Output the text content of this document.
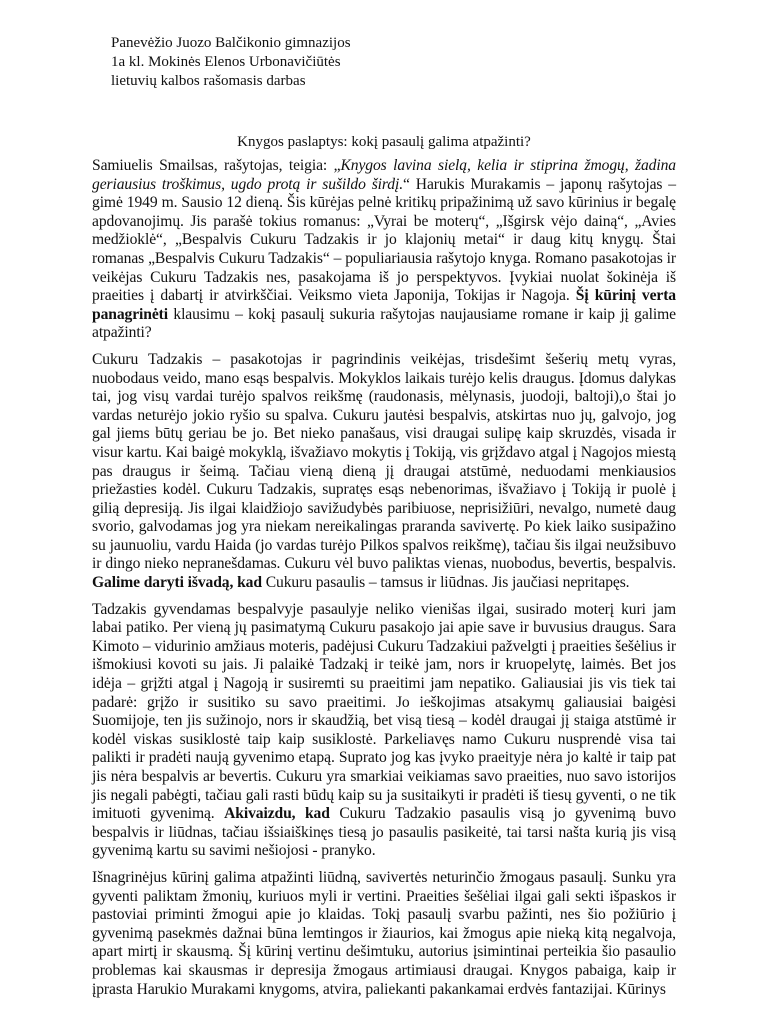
Panevėžio Juozo Balčikonio gimnazijos
1a kl. Mokinės Elenos Urbonavičiūtės
lietuvių kalbos rašomasis darbas
Knygos paslaptys: kokį pasaulį galima atpažinti?

Samiuelis Smailsas, rašytojas, teigia: „Knygos lavina sielą, kelia ir stiprina žmogų, žadina geriausius troškimus, ugdo protą ir sušildo širdį.“ Harukis Murakamis – japonų rašytojas – gimė 1949 m. Sausio 12 dieną. Šis kūrėjas pelnė kritikų pripažinimą už savo kūrinius ir begalę apdovanojimų. Jis parašė tokius romanus: „Vyrai be moterų“, „Išgirsk vėjo dainą“, „Avies medžioklė“, „Bespalvis Cukuru Tadzakis ir jo klajonių metai“ ir daug kitų knygų. Štai romanas „Bespalvis Cukuru Tadzakis“ – populiariausia rašytojo knyga. Romano pasakotojas ir veikėjas Cukuru Tadzakis nes, pasakojama iš jo perspektyvos. Įvykiai nuolat šokinėja iš praeities į dabartį ir atvirkščiai. Veiksmo vieta Japonija, Tokijas ir Nagoja. Šį kūrinį verta panagrinėti klausimu – kokį pasaulį sukuria rašytojas naujausiame romane ir kaip jį galime atpažinti?

Cukuru Tadzakis – pasakotojas ir pagrindinis veikėjas, trisdešimt šešerių metų vyras, nuobodaus veido, mano esąs bespalvis. Mokyklos laikais turėjo kelis draugus. Įdomus dalykas tai, jog visų vardai turėjo spalvos reikšmę (raudonasis, mėlynasis, juodoji, baltoji),o štai jo vardas neturėjo jokio ryšio su spalva. Cukuru jautėsi bespalvis, atskirtas nuo jų, galvojo, jog gal jiems būtų geriau be jo. Bet nieko panašaus, visi draugai sulipę kaip skruzdės, visada ir visur kartu. Kai baigė mokyklą, išvažiavo mokytis į Tokiją, vis grįždavo atgal į Nagojos miestą pas draugus ir šeimą. Tačiau vieną dieną jį draugai atstūmė, neduodami menkiausios priežasties kodėl. Cukuru Tadzakis, supratęs esąs nebenorimas, išvažiavo į Tokiją ir puolė į gilią depresiją. Jis ilgai klaidžiojo savižudybės paribiuose, neprisižiūri, nevalgo, numetė daug svorio, galvodamas jog yra niekam nereikalingas praranda savivertę. Po kiek laiko susipažino su jaunuoliu, vardu Haida (jo vardas turėjo Pilkos spalvos reikšmę), tačiau šis ilgai neužsibuvo ir dingo nieko nepranešdamas. Cukuru vėl buvo paliktas vienas, nuobodus, bevertis, bespalvis. Galime daryti išvadą, kad Cukuru pasaulis – tamsus ir liūdnas. Jis jaučiasi nepritapęs.

Tadzakis gyvendamas bespalvyje pasaulyje neliko vienišas ilgai, susirado moterį kuri jam labai patiko. Per vieną jų pasimatymą Cukuru pasakojo jai apie save ir buvusius draugus. Sara Kimoto – vidurinio amžiaus moteris, padėjusi Cukuru Tadzakiui pažvelgti į praeities šešėlius ir išmokiusi kovoti su jais. Ji palaikė Tadzakį ir teikė jam, nors ir kruopelytę, laimės. Bet jos idėja – grįžti atgal į Nagoją ir susiremti su praeitimi jam nepatiko. Galiausiai jis vis tiek tai padarė: grįžo ir susitiko su savo praeitimi. Jo ieškojimas atsakymų galiausiai baigėsi Suomijoje, ten jis sužinojo, nors ir skaudžią, bet visą tiesą – kodėl draugai jį staiga atstūmė ir kodėl viskas susiklostė taip kaip susiklostė. Parkeliavęs namo Cukuru nusprendė visa tai palikti ir pradėti naują gyvenimo etapą. Suprato jog kas įvyko praeityje nėra jo kaltė ir taip pat jis nėra bespalvis ar bevertis. Cukuru yra smarkiai veikiamas savo praeities, nuo savo istorijos jis negali pabėgti, tačiau gali rasti būdų kaip su ja susitaikyti ir pradėti iš tiesų gyventi, o ne tik imituoti gyvenimą. Akivaizdu, kad Cukuru Tadzakio pasaulis visą jo gyvenimą buvo bespalvis ir liūdnas, tačiau išsiaiškinęs tiesą jo pasaulis pasikeitė, tai tarsi našta kurią jis visą gyvenimą kartu su savimi nešiojosi - pranyko.

Išnagrinėjus kūrinį galima atpažinti liūdną, savivertės neturinčio žmogaus pasaulį. Sunku yra gyventi paliktam žmonių, kuriuos myli ir vertini. Praeities šešėliai ilgai gali sekti išpaskos ir pastoviai priminti žmogui apie jo klaidas. Tokį pasaulį svarbu pažinti, nes šio požiūrio į gyvenimą pasekmės dažnai būna lemtingos ir žiaurios, kai žmogus apie nieką kitą negalvoja, apart mirtį ir skausmą. Šį kūrinį vertinu dešimtuku, autorius įsimintinai perteikia šio pasaulio problemas kai skausmas ir depresija žmogaus artimiausi draugai. Knygos pabaiga, kaip ir įprasta Harukio Murakami knygoms, atvira, paliekanti pakankamai erdvės fantazijai. Kūrinys
